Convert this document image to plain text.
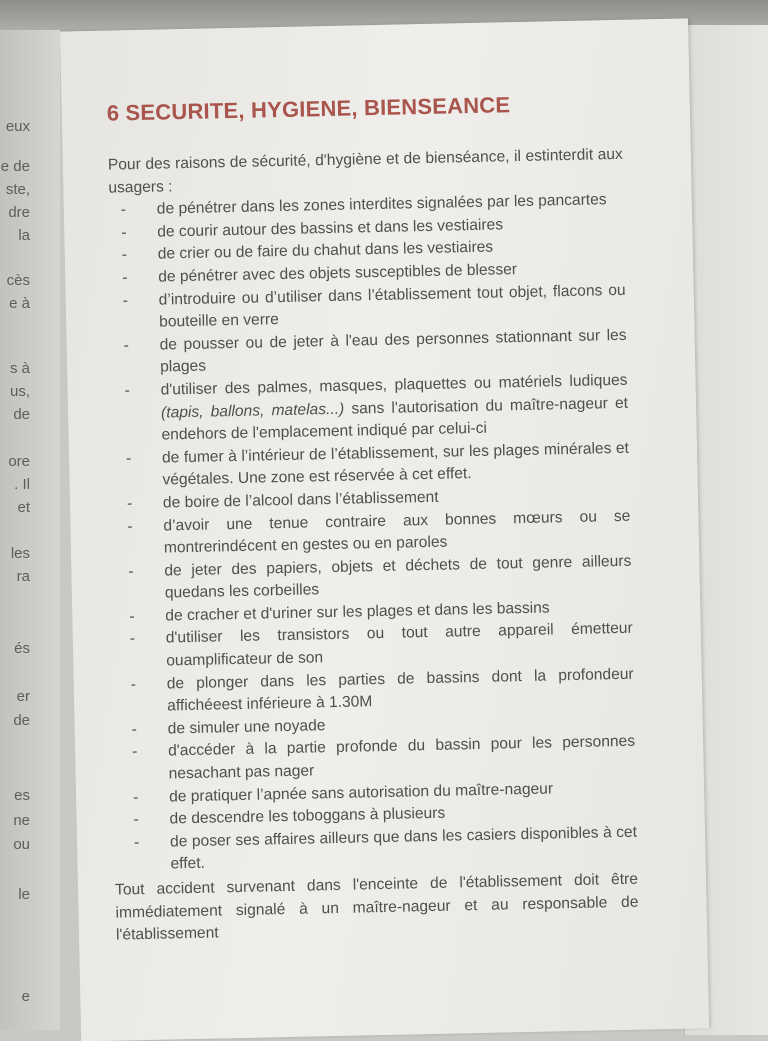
eux
e de
ste,
dre
la
cès
e à
s à
us,
de
ore
. Il
et
les
ra
és
er
de
es
ne
ou
le
e
6 SECURITE, HYGIENE, BIENSEANCE

Pour des raisons de sécurité, d'hygiène et de bienséance, il estinterdit aux usagers :

- de pénétrer dans les zones interdites signalées par les pancartes
- de courir autour des bassins et dans les vestiaires
- de crier ou de faire du chahut dans les vestiaires
- de pénétrer avec des objets susceptibles de blesser
- d’introduire ou d’utiliser dans l’établissement tout objet, flacons ou bouteille en verre
- de pousser ou de jeter à l'eau des personnes stationnant sur les plages
- d'utiliser des palmes, masques, plaquettes ou matériels ludiques (tapis, ballons, matelas...) sans l'autorisation du maître-nageur et endehors de l'emplacement indiqué par celui-ci
- de fumer à l’intérieur de l’établissement, sur les plages minérales et végétales. Une zone est réservée à cet effet.
- de boire de l’alcool dans l’établissement
- d’avoir une tenue contraire aux bonnes mœurs ou se montrerindécent en gestes ou en paroles
- de jeter des papiers, objets et déchets de tout genre ailleurs quedans les corbeilles
- de cracher et d'uriner sur les plages et dans les bassins
- d'utiliser les transistors ou tout autre appareil émetteur ouamplificateur de son
- de plonger dans les parties de bassins dont la profondeur affichéeest inférieure à 1.30M
- de simuler une noyade
- d'accéder à la partie profonde du bassin pour les personnes nesachant pas nager
- de pratiquer l’apnée sans autorisation du maître-nageur
- de descendre les toboggans à plusieurs
- de poser ses affaires ailleurs que dans les casiers disponibles à cet effet.

Tout accident survenant dans l'enceinte de l'établissement doit être immédiatement signalé à un maître-nageur et au responsable de l'établissement
